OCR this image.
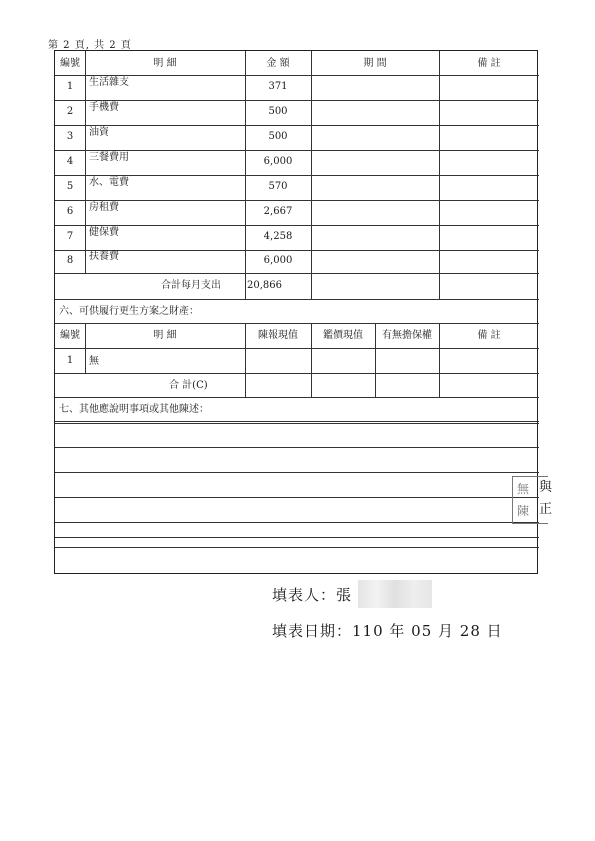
第 2 頁, 共 2 頁
編號	明 細	金 額	期 間	備 註
1	生活雜支	371
2	手機費	500
3	油資	500
4	三餐費用	6,000
5	水、電費	570
6	房租費	2,667
7	健保費	4,258
8	扶養費	6,000
合計每月支出	20,866
六、可供履行更生方案之財產：
編號	明 細	陳報現值	鑑價現值	有無擔保權	備 註
1	無
合 計(C)
七、其他應說明事項或其他陳述：
與
正
無
陳
填表人：張
填表日期：110 年 05 月 28 日
